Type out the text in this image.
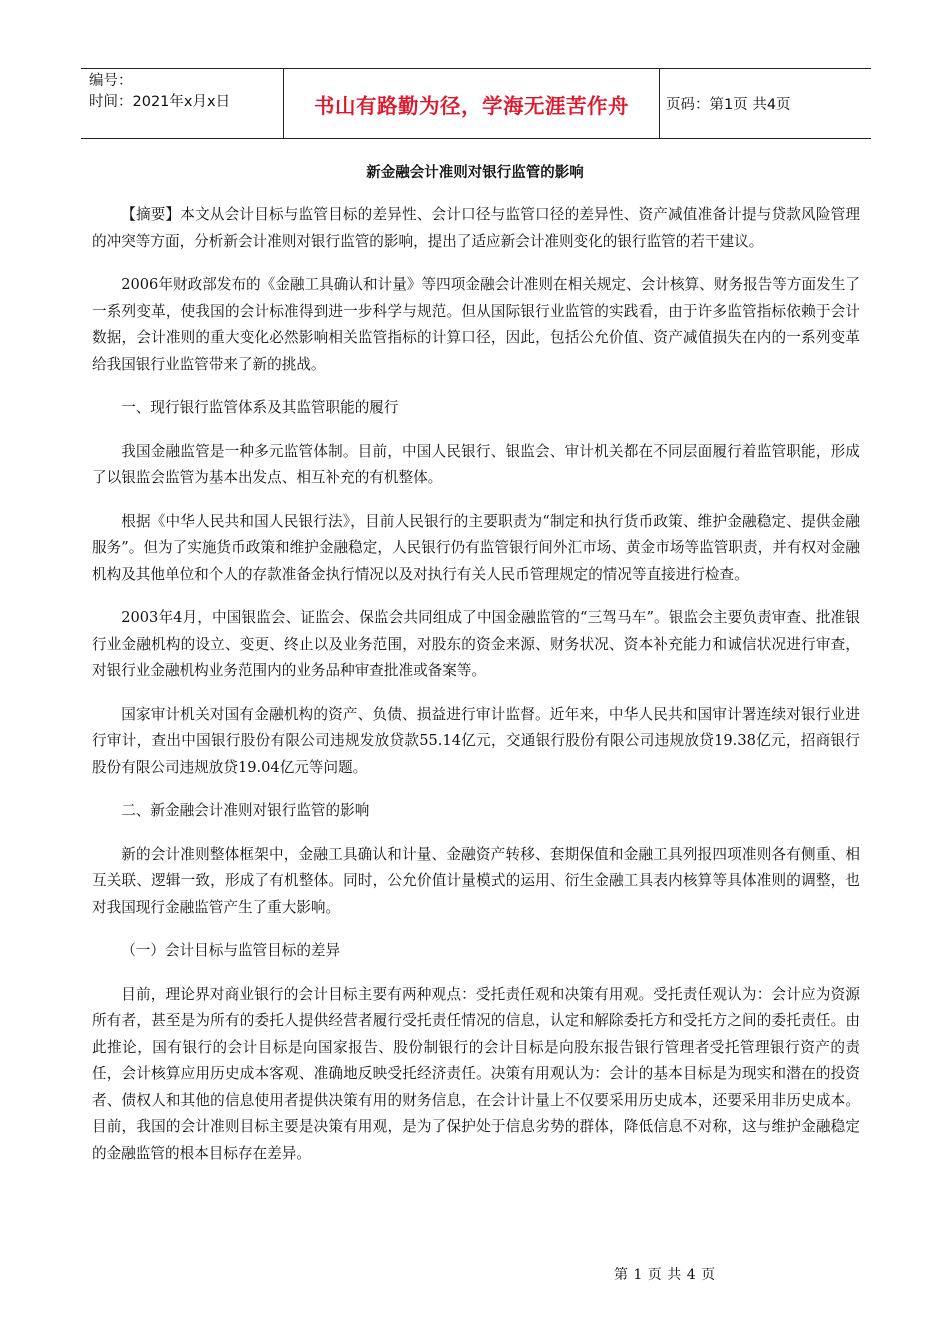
编号：
时间：2021年x月x日	书山有路勤为径，学海无涯苦作舟	页码：第1页 共4页
新金融会计准则对银行监管的影响

【摘要】本文从会计目标与监管目标的差异性、会计口径与监管口径的差异性、资产减值准备计提与贷款风险管理的冲突等方面，分析新会计准则对银行监管的影响，提出了适应新会计准则变化的银行监管的若干建议。

2006年财政部发布的《金融工具确认和计量》等四项金融会计准则在相关规定、会计核算、财务报告等方面发生了一系列变革，使我国的会计标准得到进一步科学与规范。但从国际银行业监管的实践看，由于许多监管指标依赖于会计数据，会计准则的重大变化必然影响相关监管指标的计算口径，因此，包括公允价值、资产减值损失在内的一系列变革给我国银行业监管带来了新的挑战。

一、现行银行监管体系及其监管职能的履行

我国金融监管是一种多元监管体制。目前，中国人民银行、银监会、审计机关都在不同层面履行着监管职能，形成了以银监会监管为基本出发点、相互补充的有机整体。

根据《中华人民共和国人民银行法》，目前人民银行的主要职责为“制定和执行货币政策、维护金融稳定、提供金融服务”。但为了实施货币政策和维护金融稳定，人民银行仍有监管银行间外汇市场、黄金市场等监管职责，并有权对金融机构及其他单位和个人的存款准备金执行情况以及对执行有关人民币管理规定的情况等直接进行检查。

2003年4月，中国银监会、证监会、保监会共同组成了中国金融监管的“三驾马车”。银监会主要负责审查、批准银行业金融机构的设立、变更、终止以及业务范围，对股东的资金来源、财务状况、资本补充能力和诚信状况进行审查，对银行业金融机构业务范围内的业务品种审查批准或备案等。

国家审计机关对国有金融机构的资产、负债、损益进行审计监督。近年来，中华人民共和国审计署连续对银行业进行审计，查出中国银行股份有限公司违规发放贷款55.14亿元，交通银行股份有限公司违规放贷19.38亿元，招商银行股份有限公司违规放贷19.04亿元等问题。

二、新金融会计准则对银行监管的影响

新的会计准则整体框架中，金融工具确认和计量、金融资产转移、套期保值和金融工具列报四项准则各有侧重、相互关联、逻辑一致，形成了有机整体。同时，公允价值计量模式的运用、衍生金融工具表内核算等具体准则的调整，也对我国现行金融监管产生了重大影响。

（一）会计目标与监管目标的差异

目前，理论界对商业银行的会计目标主要有两种观点：受托责任观和决策有用观。受托责任观认为：会计应为资源所有者，甚至是为所有的委托人提供经营者履行受托责任情况的信息，认定和解除委托方和受托方之间的委托责任。由此推论，国有银行的会计目标是向国家报告、股份制银行的会计目标是向股东报告银行管理者受托管理银行资产的责任，会计核算应用历史成本客观、准确地反映受托经济责任。决策有用观认为：会计的基本目标是为现实和潜在的投资者、债权人和其他的信息使用者提供决策有用的财务信息，在会计计量上不仅要采用历史成本，还要采用非历史成本。目前，我国的会计准则目标主要是决策有用观，是为了保护处于信息劣势的群体，降低信息不对称，这与维护金融稳定的金融监管的根本目标存在差异。

第 1 页 共 4 页
